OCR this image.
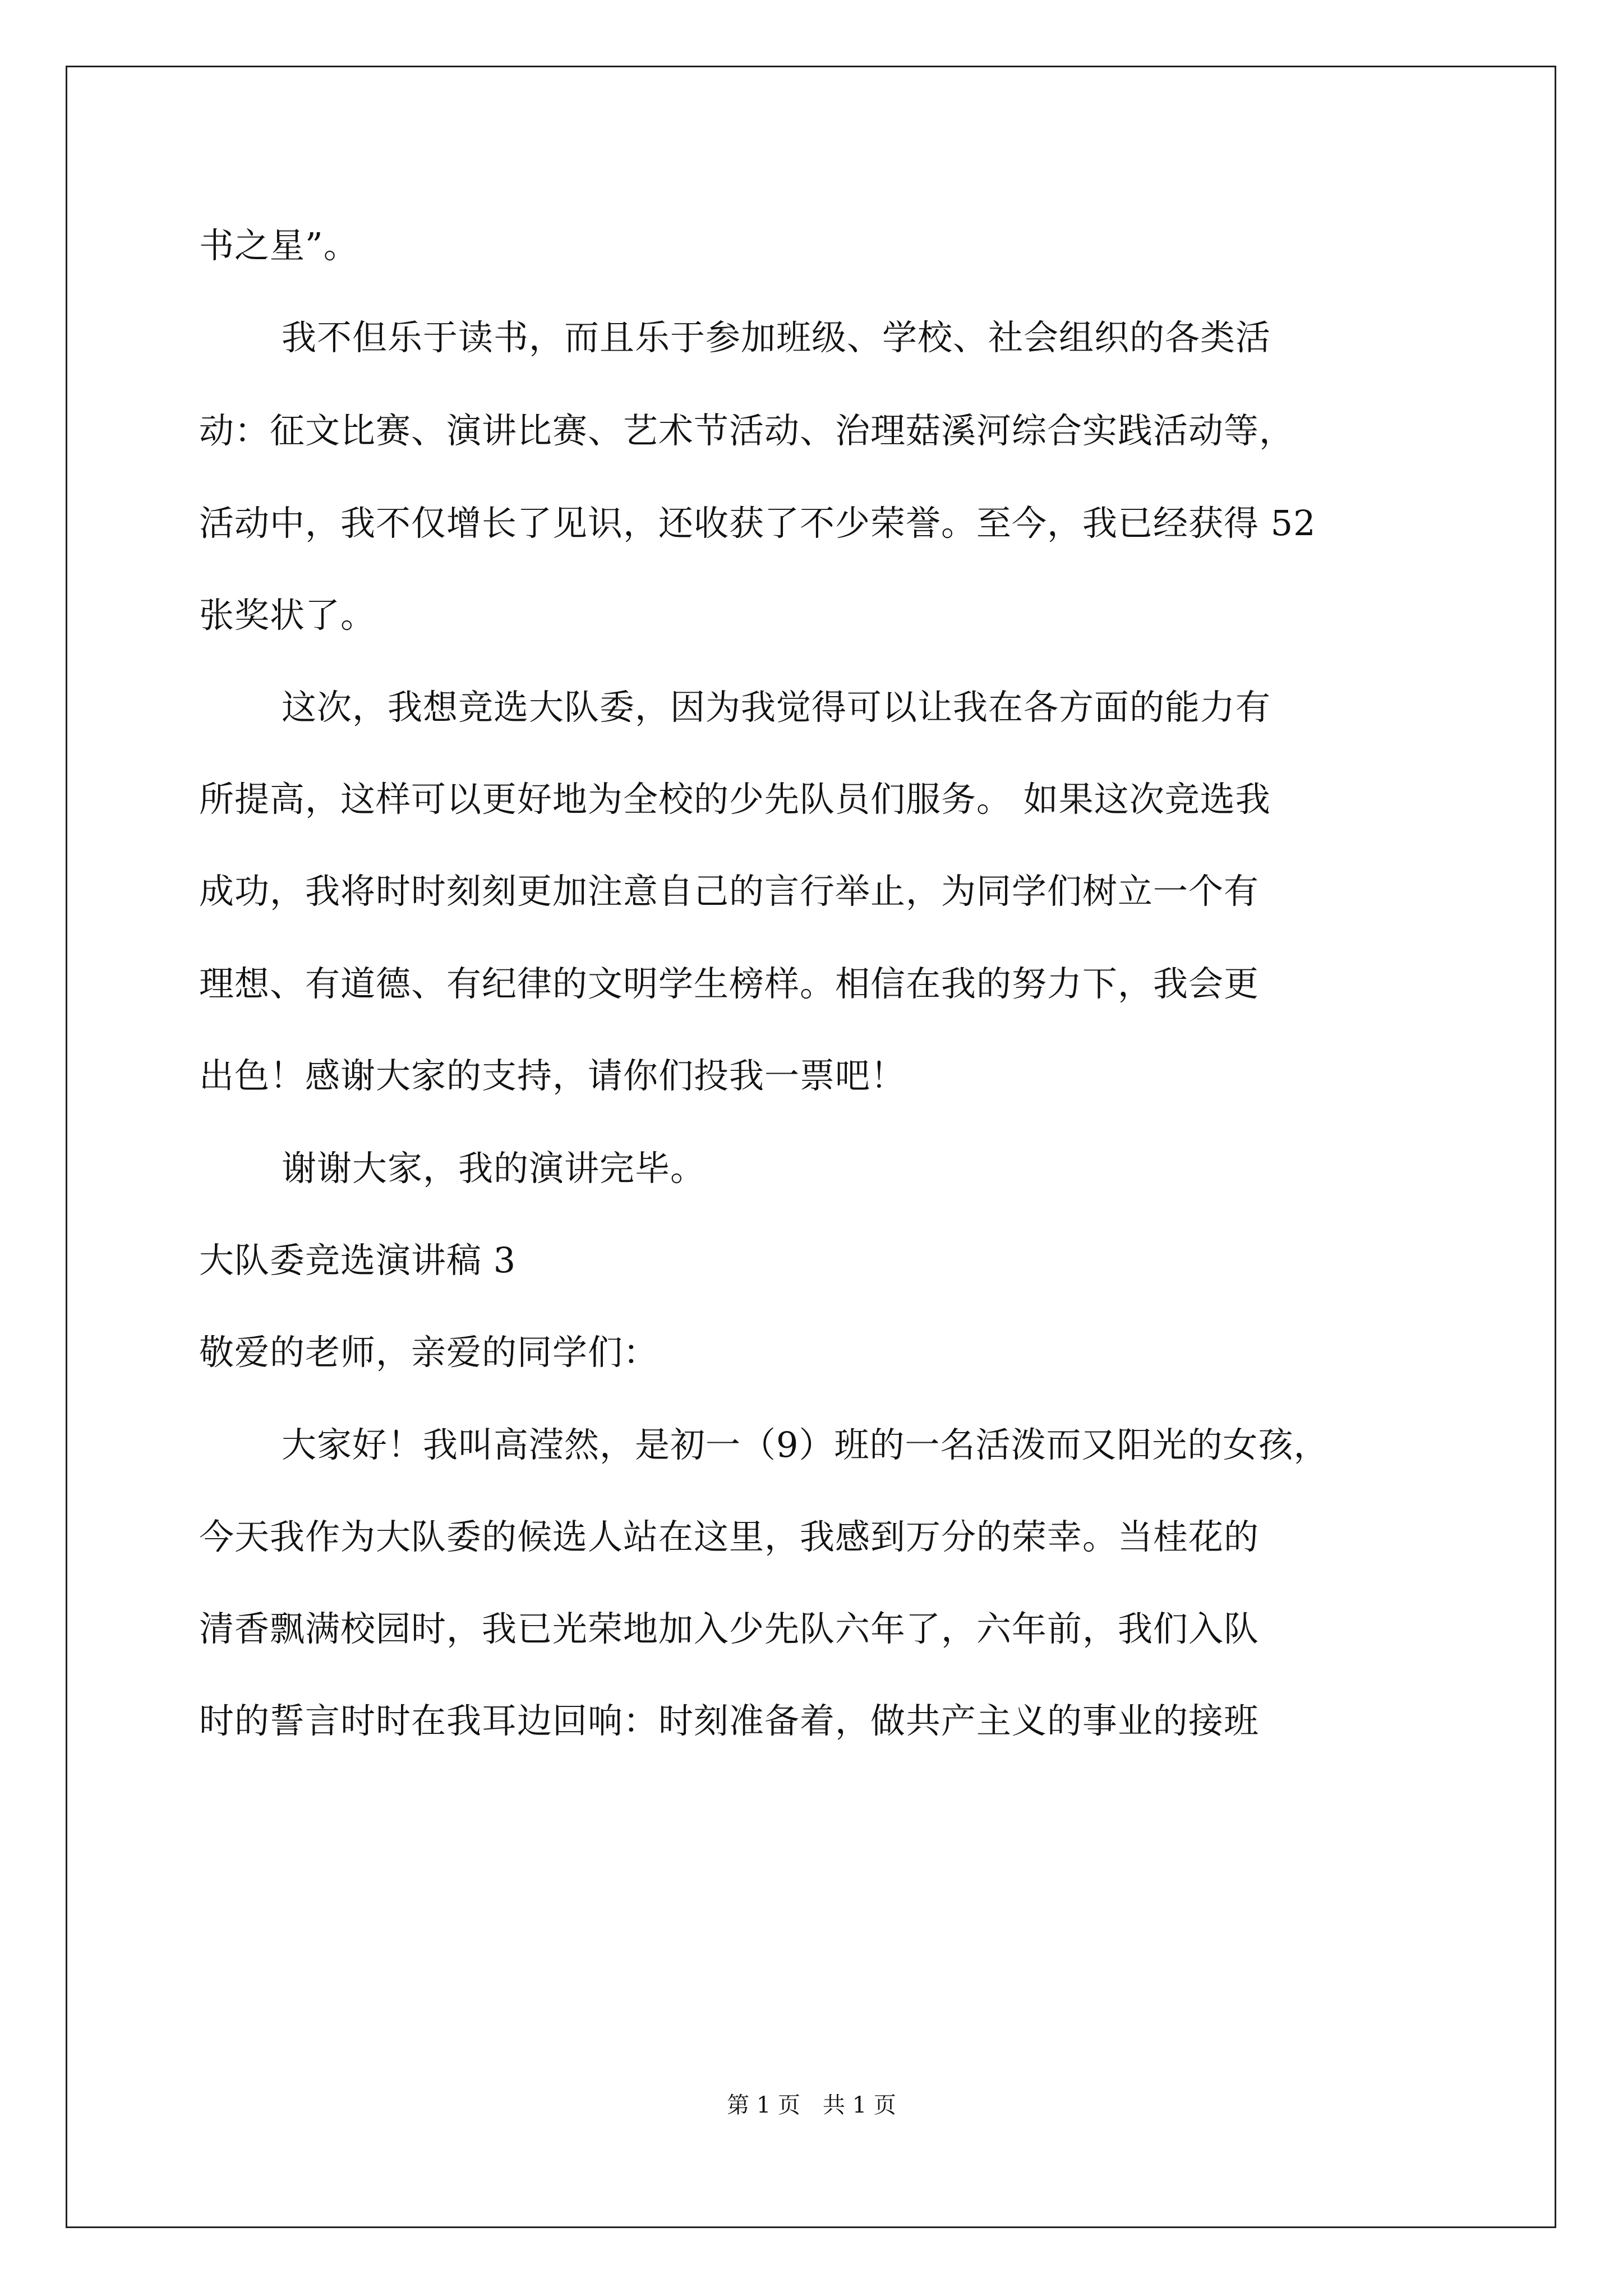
书之星”。
我不但乐于读书，而且乐于参加班级、学校、社会组织的各类活
动：征文比赛、演讲比赛、艺术节活动、治理菇溪河综合实践活动等，
活动中，我不仅增长了见识，还收获了不少荣誉。至今，我已经获得 52
张奖状了。
这次，我想竞选大队委，因为我觉得可以让我在各方面的能力有
所提高，这样可以更好地为全校的少先队员们服务。 如果这次竞选我
成功，我将时时刻刻更加注意自己的言行举止，为同学们树立一个有
理想、有道德、有纪律的文明学生榜样。相信在我的努力下，我会更
出色！感谢大家的支持，请你们投我一票吧！
谢谢大家，我的演讲完毕。
大队委竞选演讲稿 3
敬爱的老师，亲爱的同学们：
大家好！我叫高滢然，是初一（9）班的一名活泼而又阳光的女孩，
今天我作为大队委的候选人站在这里，我感到万分的荣幸。当桂花的
清香飘满校园时，我已光荣地加入少先队六年了，六年前，我们入队
时的誓言时时在我耳边回响：时刻准备着，做共产主义的事业的接班
第 1 页　共 1 页
